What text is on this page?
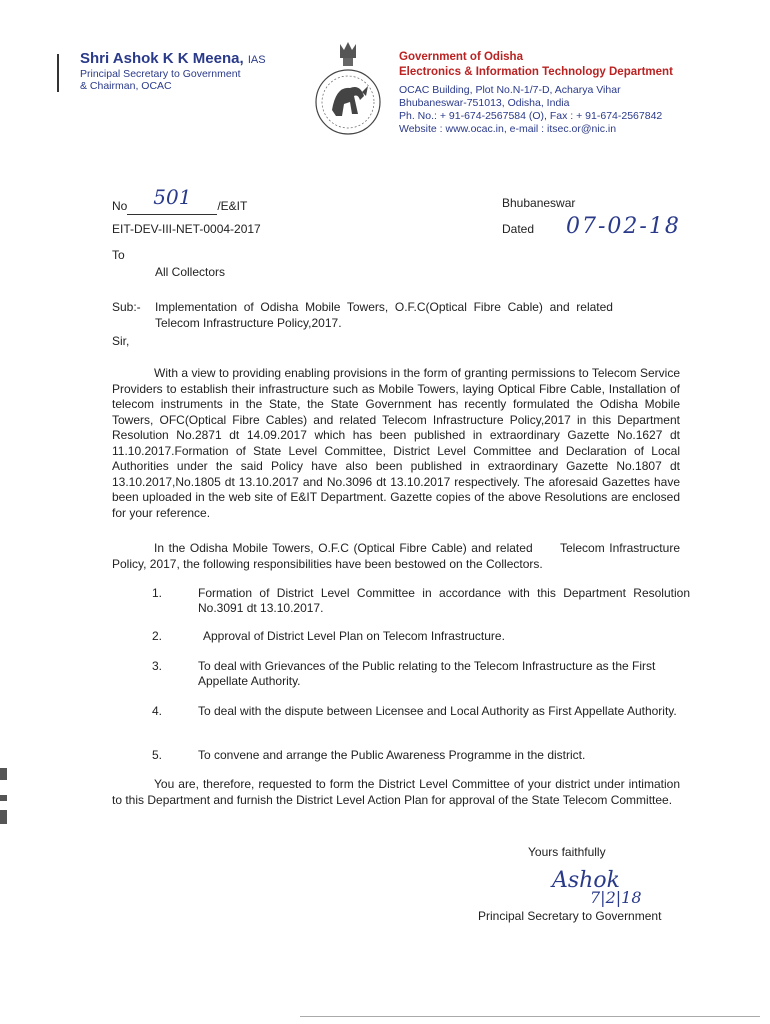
Shri Ashok K K Meena, IAS
Principal Secretary to Government
& Chairman, OCAC
Government of Odisha
Electronics & Information Technology Department
OCAC Building, Plot No.N-1/7-D, Acharya Vihar
Bhubaneswar-751013, Odisha, India
Ph. No.: + 91-674-2567584 (O), Fax : + 91-674-2567842
Website : www.ocac.in, e-mail : itsec.or@nic.in
No 501 /E&IT	Bhubaneswar
EIT-DEV-III-NET-0004-2017	Dated 07-02-18
To
All Collectors
Sub:- Implementation  of  Odisha  Mobile  Towers,  O.F.C(Optical  Fibre  Cable)  and  related
Telecom Infrastructure Policy,2017.
Sir,
With a view to providing enabling provisions in the form of granting permissions to Telecom Service Providers to establish their infrastructure such as Mobile Towers, laying Optical Fibre Cable, Installation of telecom instruments in the State, the State Government has recently formulated the Odisha Mobile Towers, OFC(Optical Fibre Cables) and related Telecom Infrastructure Policy,2017 in this Department Resolution No.2871 dt 14.09.2017 which has been published in extraordinary Gazette No.1627 dt 11.10.2017.Formation of State Level Committee, District Level Committee and Declaration of Local Authorities under the said Policy have also been published in extraordinary Gazette No.1807 dt 13.10.2017,No.1805 dt 13.10.2017 and No.3096 dt 13.10.2017 respectively. The aforesaid Gazettes have been uploaded in the web site of E&IT Department. Gazette copies of the above Resolutions are enclosed for your reference.
In the Odisha Mobile Towers, O.F.C (Optical Fibre Cable) and related      Telecom Infrastructure Policy, 2017, the following responsibilities have been bestowed on the Collectors.
1.	Formation of District Level Committee in accordance with this Department Resolution No.3091 dt 13.10.2017.
2.	Approval of District Level Plan on Telecom Infrastructure.
3.	To deal with Grievances of the Public relating to the Telecom Infrastructure as the First Appellate Authority.
4.	To deal with the dispute between Licensee and Local Authority as First Appellate Authority.
5.	To convene and arrange the Public Awareness Programme in the district.
You are, therefore, requested to form the District Level Committee of your district under intimation to this Department and furnish the District Level Action Plan for approval of the State Telecom Committee.
Yours faithfully
Ashok
7|2|18
Principal Secretary to Government
